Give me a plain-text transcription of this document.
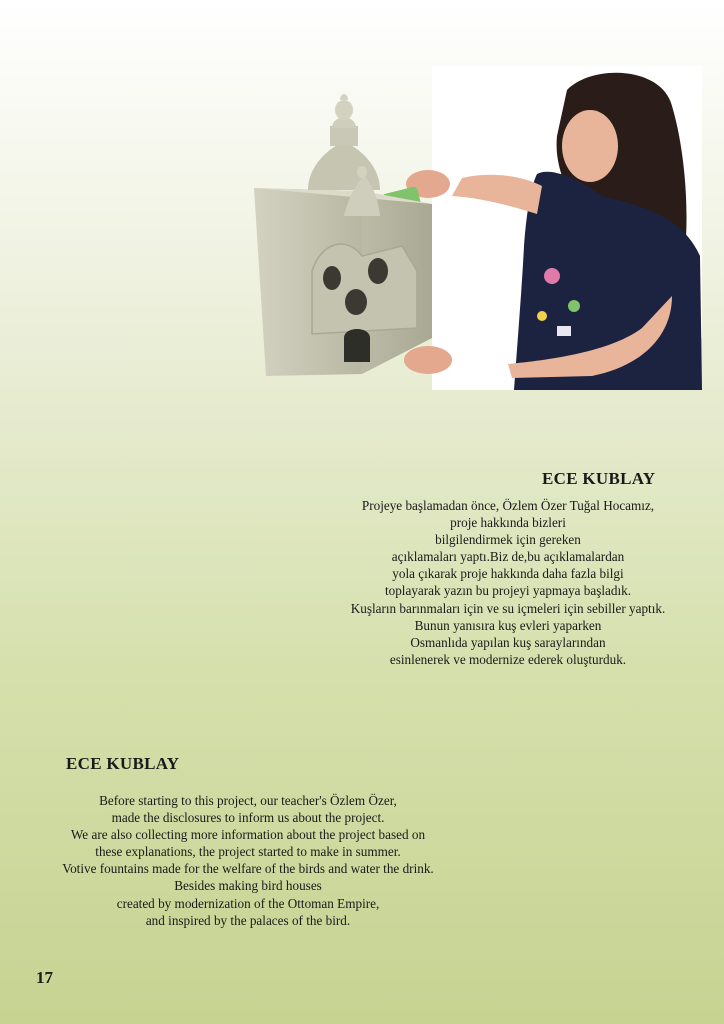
ECE KUBLAY

Projeye başlamadan önce, Özlem Özer Tuğal Hocamız,
proje hakkında bizleri
bilgilendirmek için gereken
açıklamaları yaptı.Biz de,bu açıklamalardan
yola çıkarak proje hakkında daha fazla bilgi
toplayarak yazın bu projeyi yapmaya başladık.
Kuşların barınmaları için ve su içmeleri için sebiller yaptık.
Bunun yanısıra kuş evleri yaparken
Osmanlıda yapılan kuş saraylarından
esinlenerek ve modernize ederek oluşturduk.

ECE KUBLAY

Before starting to this project, our teacher's Özlem Özer,
made the disclosures to inform us about the project.
We are also collecting more information about the project based on
these explanations, the project started to make in summer.
Votive fountains made for the welfare of the birds and water the drink.
Besides making bird houses
created by modernization of the Ottoman Empire,
and inspired by the palaces of the bird.

17
